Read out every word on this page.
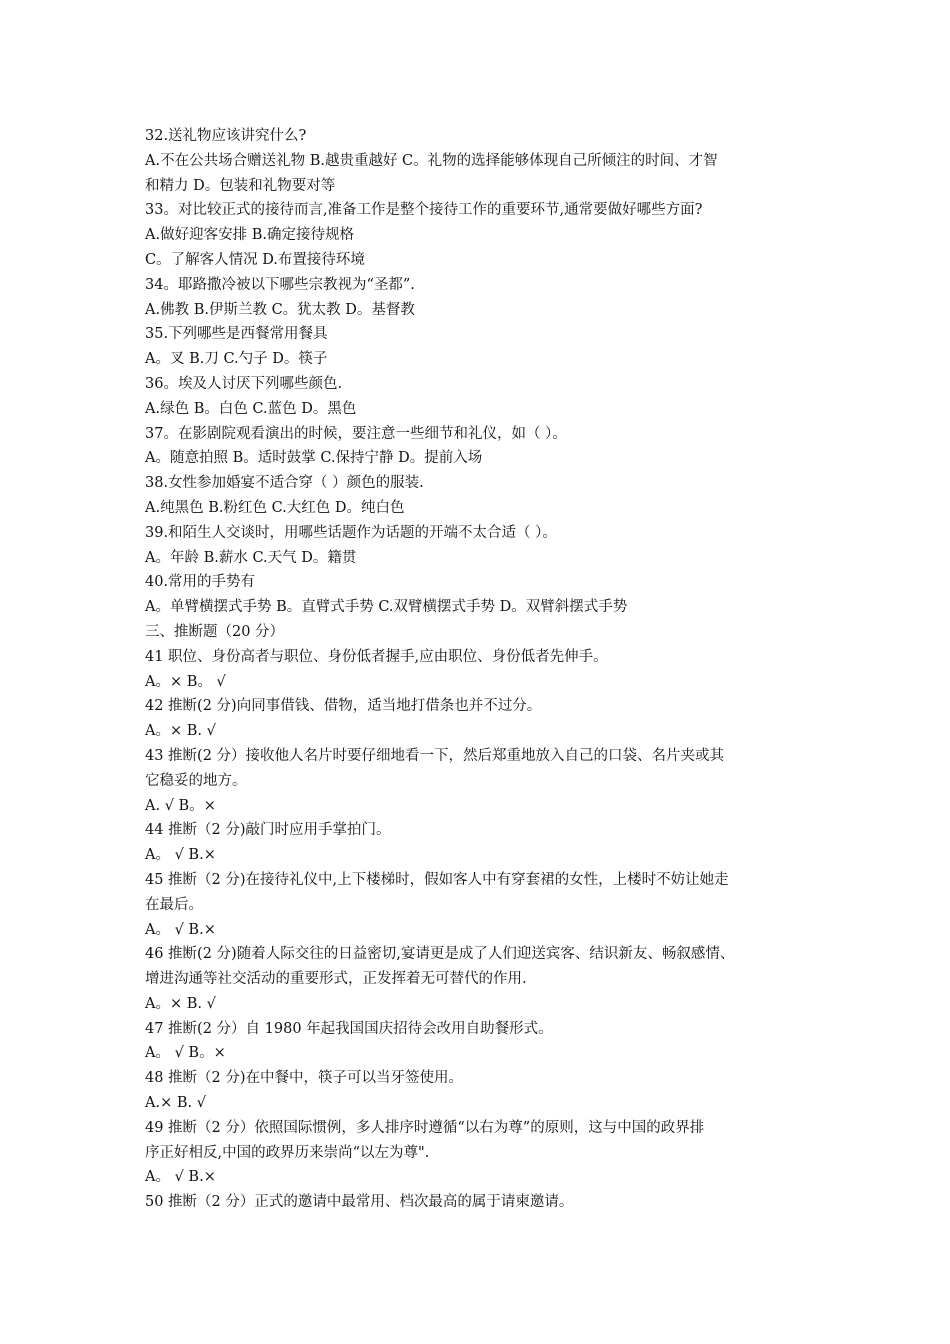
32.送礼物应该讲究什么?
A.不在公共场合赠送礼物 B.越贵重越好 C。礼物的选择能够体现自己所倾注的时间、才智
和精力 D。包装和礼物要对等
33。对比较正式的接待而言,准备工作是整个接待工作的重要环节,通常要做好哪些方面?
A.做好迎客安排 B.确定接待规格
C。了解客人情况 D.布置接待环境
34。耶路撒冷被以下哪些宗教视为“圣都”.
A.佛教 B.伊斯兰教 C。犹太教 D。基督教
35.下列哪些是西餐常用餐具
A。叉 B.刀 C.勺子 D。筷子
36。埃及人讨厌下列哪些颜色.
A.绿色 B。白色 C.蓝色 D。黑色
37。在影剧院观看演出的时候，要注意一些细节和礼仪，如（ ）。
A。随意拍照 B。适时鼓掌 C.保持宁静 D。提前入场
38.女性参加婚宴不适合穿（ ）颜色的服装.
A.纯黑色 B.粉红色 C.大红色 D。纯白色
39.和陌生人交谈时，用哪些话题作为话题的开端不太合适（ ）。
A。年龄 B.薪水 C.天气 D。籍贯
40.常用的手势有
A。单臂横摆式手势 B。直臂式手势 C.双臂横摆式手势 D。双臂斜摆式手势
三、推断题（20 分）
41 职位、身份高者与职位、身份低者握手,应由职位、身份低者先伸手。
A。× B。 √
42 推断(2 分)向同事借钱、借物，适当地打借条也并不过分。
A。× B. √
43 推断(2 分）接收他人名片时要仔细地看一下，然后郑重地放入自己的口袋、名片夹或其
它稳妥的地方。
A. √ B。×
44 推断（2 分)敲门时应用手掌拍门。
A。 √ B.×
45 推断（2 分)在接待礼仪中,上下楼梯时，假如客人中有穿套裙的女性，上楼时不妨让她走
在最后。
A。 √ B.×
46 推断(2 分)随着人际交往的日益密切,宴请更是成了人们迎送宾客、结识新友、畅叙感情、
增进沟通等社交活动的重要形式，正发挥着无可替代的作用.
A。× B. √
47 推断(2 分）自 1980 年起我国国庆招待会改用自助餐形式。
A。 √ B。×
48 推断（2 分)在中餐中，筷子可以当牙签使用。
A.× B. √
49 推断（2 分）依照国际惯例，多人排序时遵循“以右为尊”的原则，这与中国的政界排
序正好相反,中国的政界历来崇尚“以左为尊".
A。 √ B.×
50 推断（2 分）正式的邀请中最常用、档次最高的属于请柬邀请。
